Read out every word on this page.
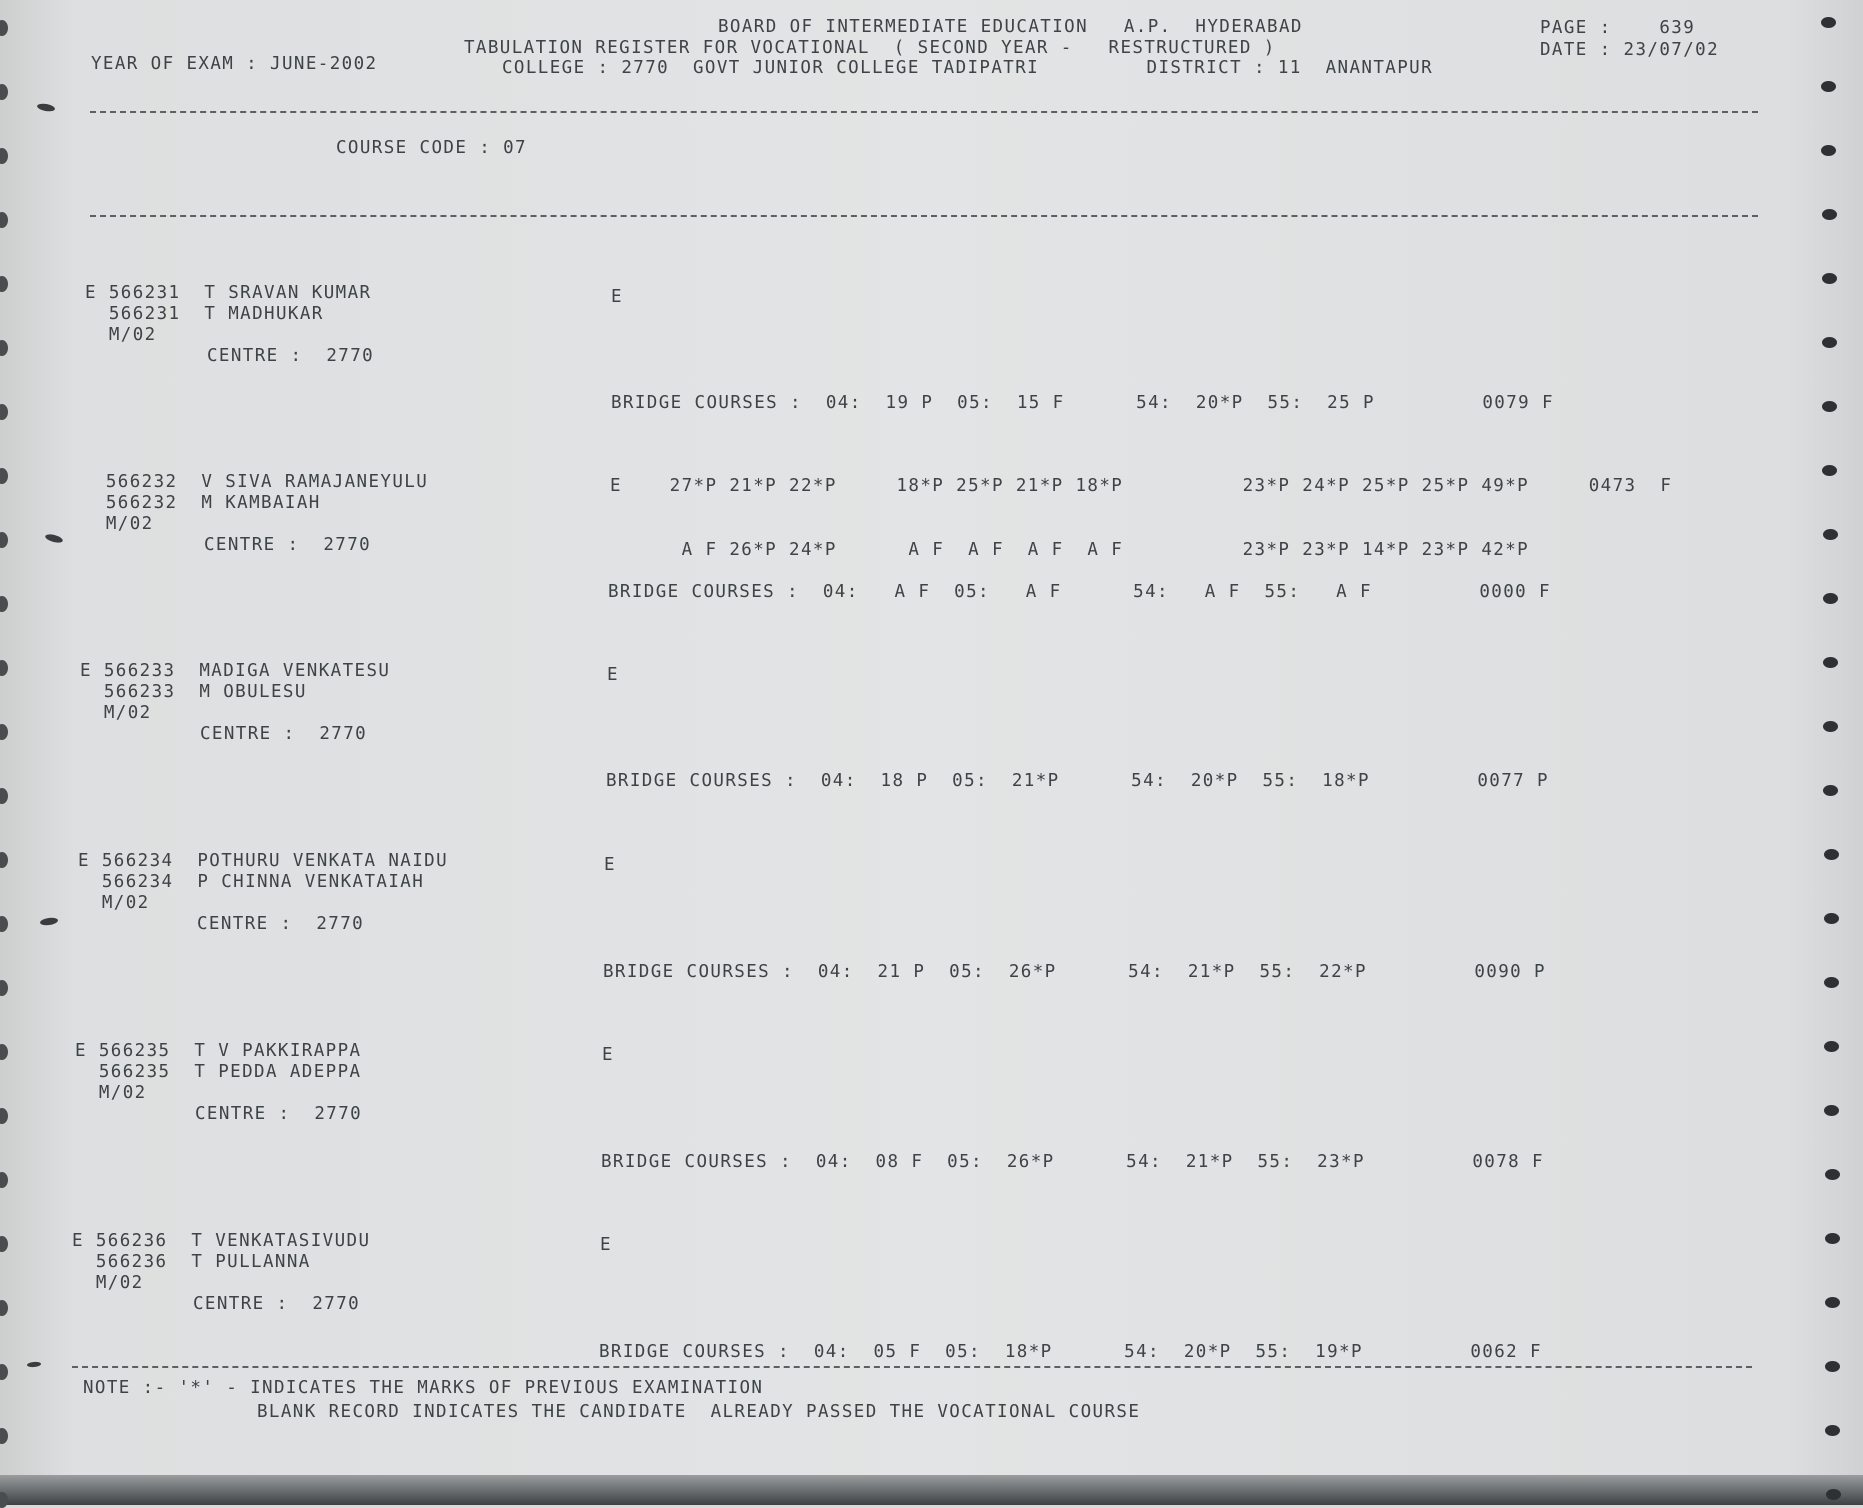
BOARD OF INTERMEDIATE EDUCATION   A.P.  HYDERABAD
TABULATION REGISTER FOR VOCATIONAL  ( SECOND YEAR -   RESTRUCTURED )
COLLEGE : 2770  GOVT JUNIOR COLLEGE TADIPATRI         DISTRICT : 11  ANANTAPUR
YEAR OF EXAM : JUNE-2002
PAGE :    639
DATE : 23/07/02
COURSE CODE : 07
E 566231  T SRAVAN KUMAR
566231  T MADHUKAR
M/02
CENTRE :  2770
E
BRIDGE COURSES :  04:  19 P  05:  15 F      54:  20*P  55:  25 P         0079 F
566232  V SIVA RAMAJANEYULU
566232  M KAMBAIAH
M/02
CENTRE :  2770
E    27*P 21*P 22*P     18*P 25*P 21*P 18*P          23*P 24*P 25*P 25*P 49*P     0473  F
A F 26*P 24*P      A F  A F  A F  A F          23*P 23*P 14*P 23*P 42*P
BRIDGE COURSES :  04:   A F  05:   A F      54:   A F  55:   A F         0000 F
E 566233  MADIGA VENKATESU
566233  M OBULESU
M/02
CENTRE :  2770
E
BRIDGE COURSES :  04:  18 P  05:  21*P      54:  20*P  55:  18*P         0077 P
E 566234  POTHURU VENKATA NAIDU
566234  P CHINNA VENKATAIAH
M/02
CENTRE :  2770
E
BRIDGE COURSES :  04:  21 P  05:  26*P      54:  21*P  55:  22*P         0090 P
E 566235  T V PAKKIRAPPA
566235  T PEDDA ADEPPA
M/02
CENTRE :  2770
E
BRIDGE COURSES :  04:  08 F  05:  26*P      54:  21*P  55:  23*P         0078 F
E 566236  T VENKATASIVUDU
566236  T PULLANNA
M/02
CENTRE :  2770
E
BRIDGE COURSES :  04:  05 F  05:  18*P      54:  20*P  55:  19*P         0062 F
NOTE :- '*' - INDICATES THE MARKS OF PREVIOUS EXAMINATION
BLANK RECORD INDICATES THE CANDIDATE  ALREADY PASSED THE VOCATIONAL COURSE
